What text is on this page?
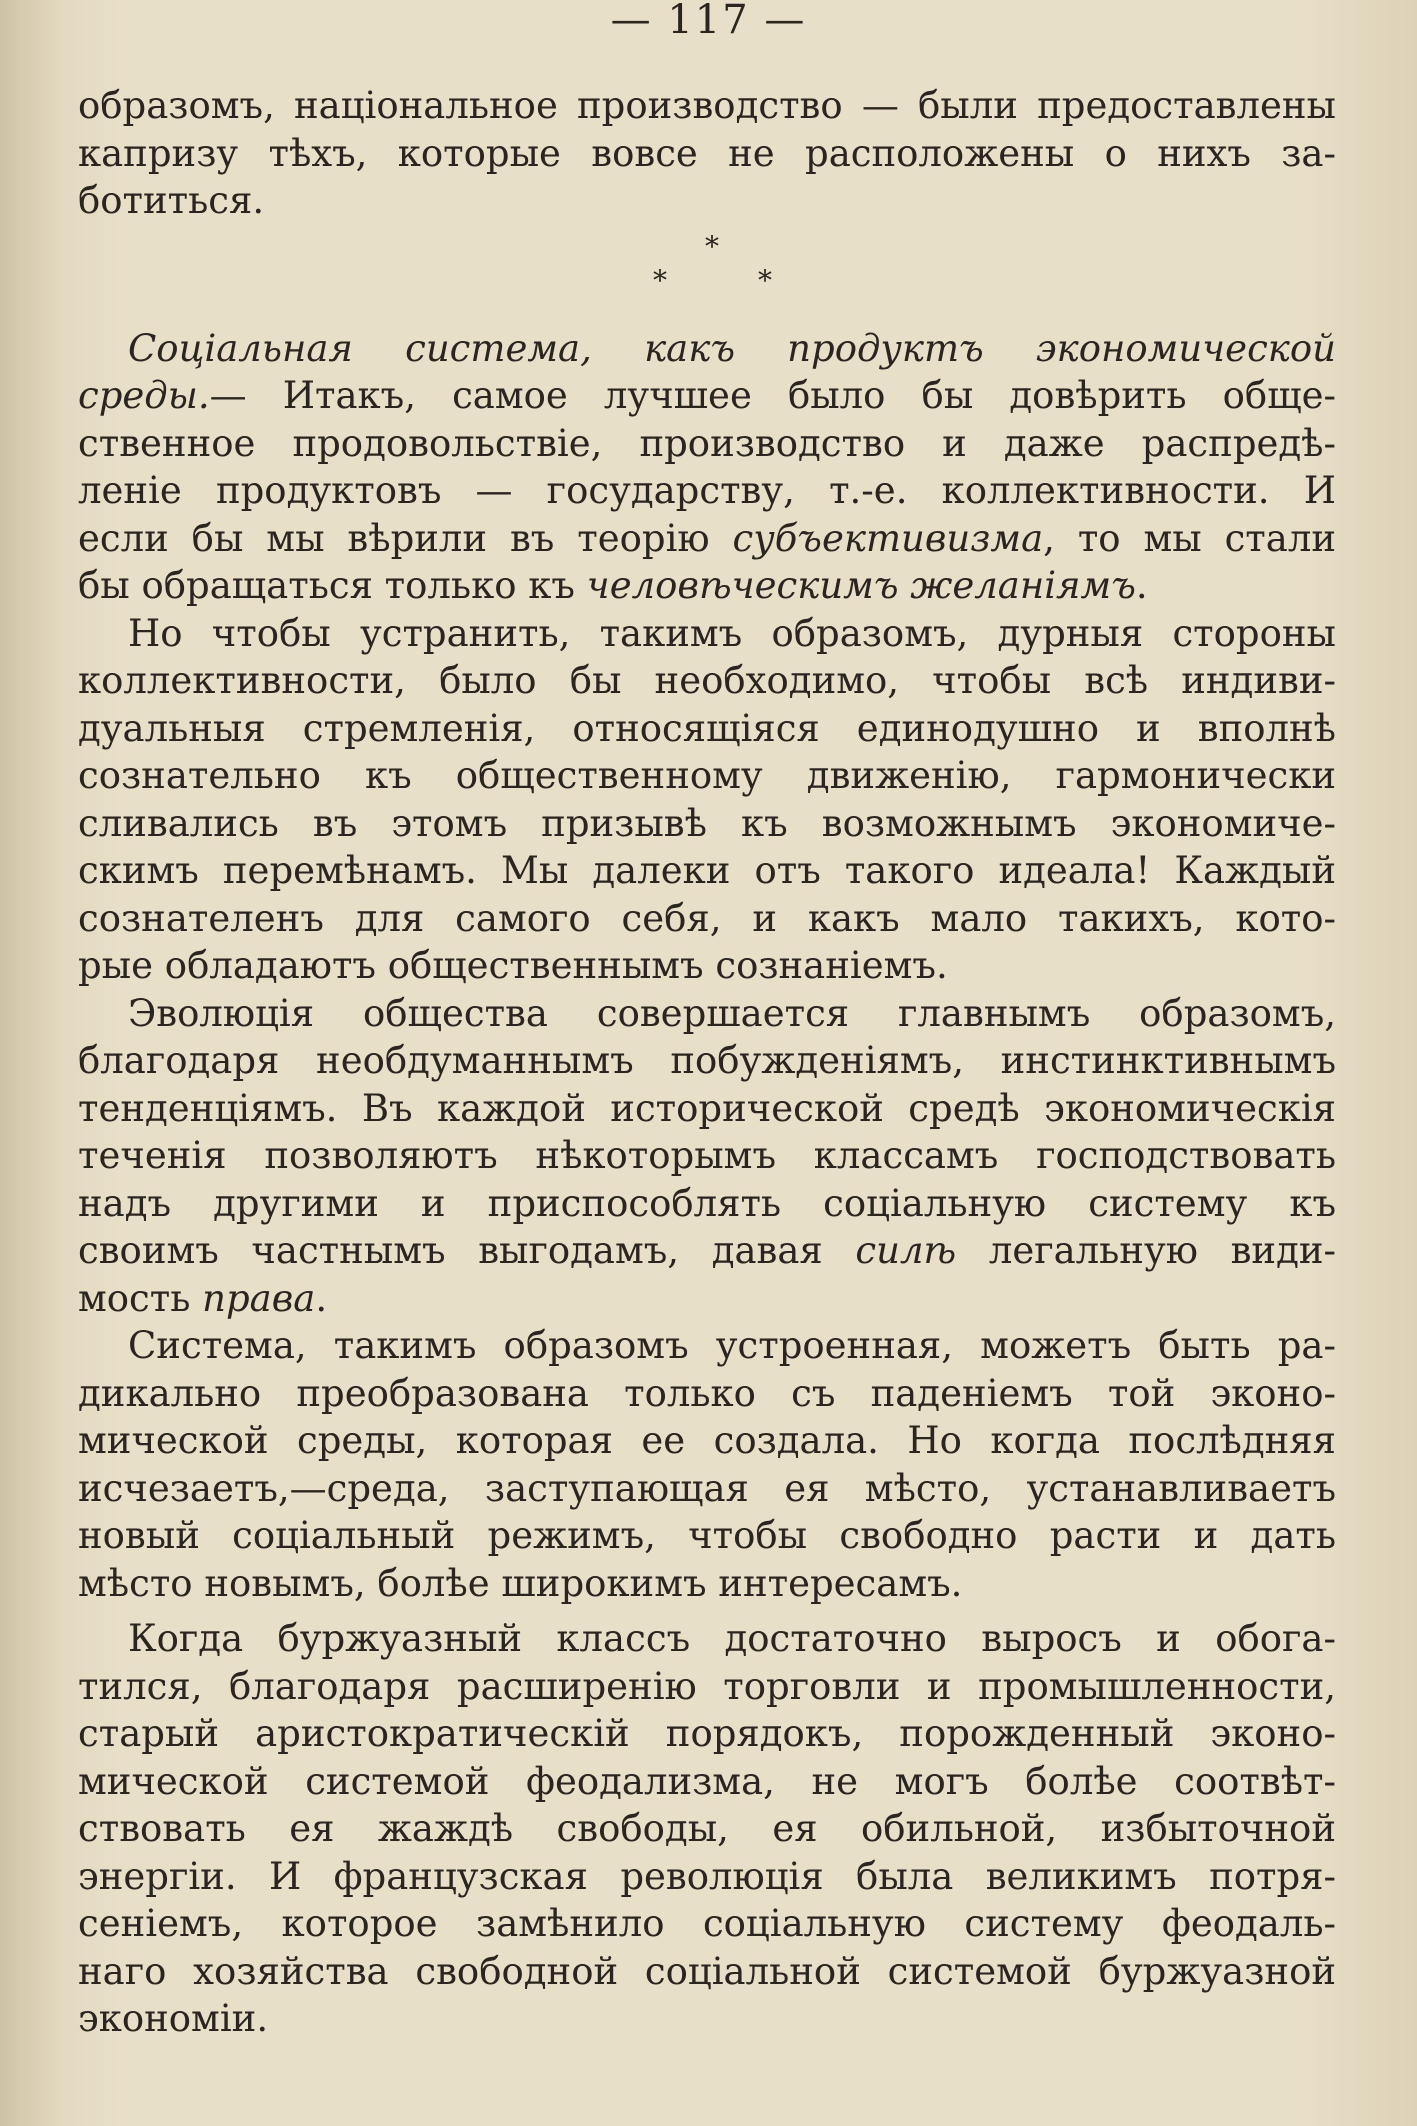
— 117 —

образомъ, національное производство — были предоставлены
капризу тѣхъ, которые вовсе не расположены о нихъ за-
ботиться.

*
*	*

Соціальная система, какъ продуктъ экономической
среды.— Итакъ, самое лучшее было бы довѣрить обще-
ственное продовольствіе, производство и даже распредѣ-
леніе продуктовъ — государству, т.-е. коллективности. И
если бы мы вѣрили въ теорію субъективизма, то мы стали
бы обращаться только къ человѣческимъ желаніямъ.

Но чтобы устранить, такимъ образомъ, дурныя стороны
коллективности, было бы необходимо, чтобы всѣ индиви-
дуальныя стремленія, относящіяся единодушно и вполнѣ
сознательно къ общественному движенію, гармонически
сливались въ этомъ призывѣ къ возможнымъ экономиче-
скимъ перемѣнамъ. Мы далеки отъ такого идеала! Каждый
сознателенъ для самого себя, и какъ мало такихъ, кото-
рые обладаютъ общественнымъ сознаніемъ.

Эволюція общества совершается главнымъ образомъ,
благодаря необдуманнымъ побужденіямъ, инстинктивнымъ
тенденціямъ. Въ каждой исторической средѣ экономическія
теченія позволяютъ нѣкоторымъ классамъ господствовать
надъ другими и приспособлять соціальную систему къ
своимъ частнымъ выгодамъ, давая силѣ легальную види-
мость права.

Система, такимъ образомъ устроенная, можетъ быть ра-
дикально преобразована только съ паденіемъ той эконо-
мической среды, которая ее создала. Но когда послѣдняя
исчезаетъ,—среда, заступающая ея мѣсто, устанавливаетъ
новый соціальный режимъ, чтобы свободно расти и дать
мѣсто новымъ, болѣе широкимъ интересамъ.

Когда буржуазный классъ достаточно выросъ и обога-
тился, благодаря расширенію торговли и промышленности,
старый аристократическій порядокъ, порожденный эконо-
мической системой феодализма, не могъ болѣе соотвѣт-
ствовать ея жаждѣ свободы, ея обильной, избыточной
энергіи. И французская революція была великимъ потря-
сеніемъ, которое замѣнило соціальную систему феодаль-
наго хозяйства свободной соціальной системой буржуазной
экономіи.
